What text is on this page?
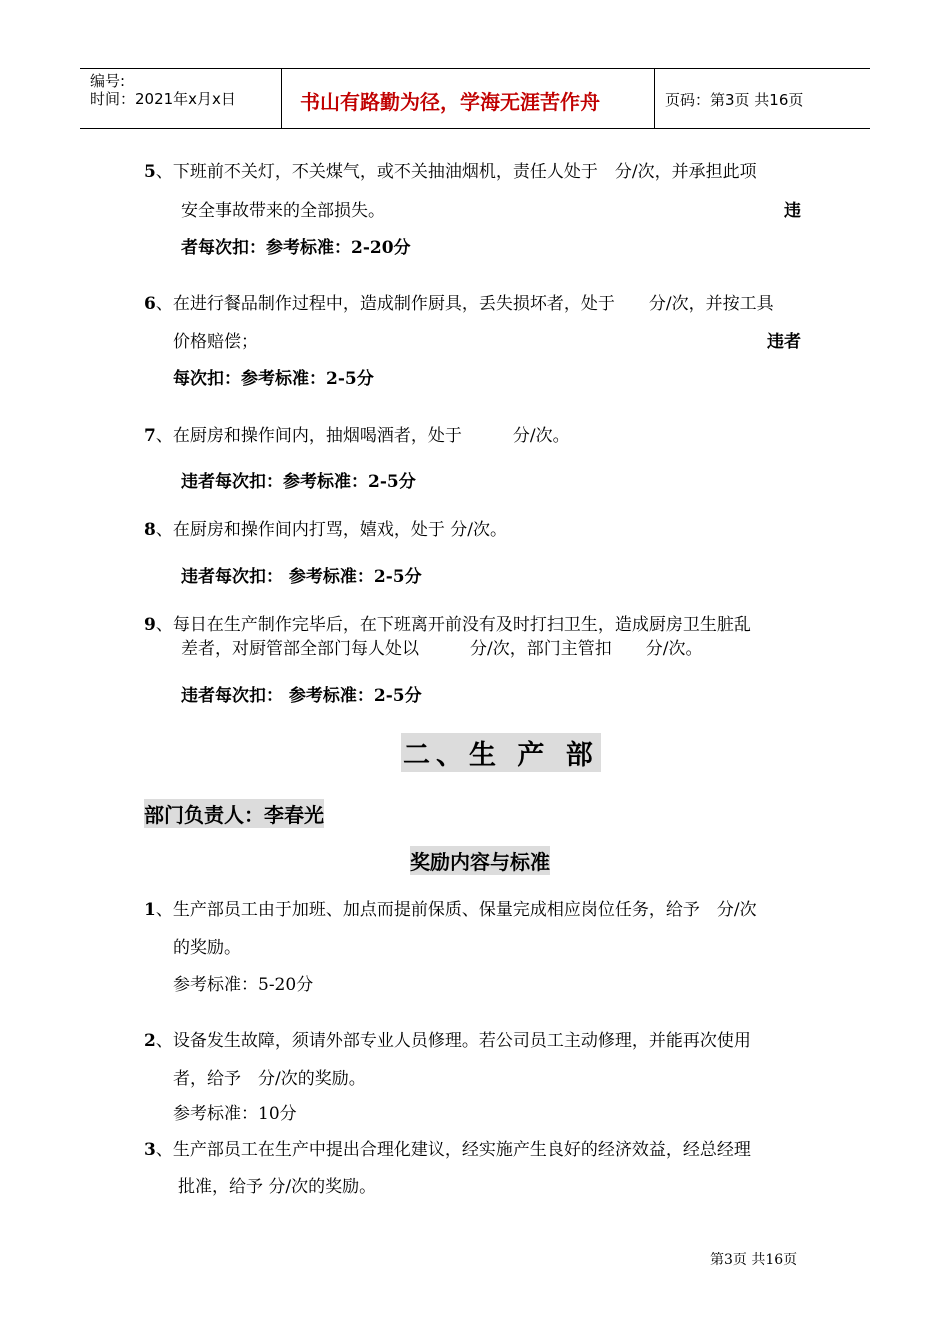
编号:
时间：2021年x月x日	书山有路勤为径，学海无涯苦作舟	页码：第3页 共16页
5、下班前不关灯，不关煤气，或不关抽油烟机，责任人处于　分/次，并承担此项
安全事故带来的全部损失。	违
者每次扣：参考标准：2-20分
6、在进行餐品制作过程中，造成制作厨具，丢失损坏者，处于　　分/次，并按工具
价格赔偿；	违者
每次扣：参考标准：2-5分
7、在厨房和操作间内，抽烟喝酒者，处于　　　分/次。
违者每次扣：参考标准：2-5分
8、在厨房和操作间内打骂，嬉戏，处于 分/次。
违者每次扣： 参考标准：2-5分
9、每日在生产制作完毕后，在下班离开前没有及时打扫卫生，造成厨房卫生脏乱
差者，对厨管部全部门每人处以　　　分/次，部门主管扣　　分/次。
违者每次扣： 参考标准：2-5分
二、生 产 部
部门负责人：李春光
奖励内容与标准
1、生产部员工由于加班、加点而提前保质、保量完成相应岗位任务，给予　分/次
的奖励。
参考标准：5-20分
2、设备发生故障，须请外部专业人员修理。若公司员工主动修理，并能再次使用
者，给予　分/次的奖励。
参考标准：10分
3、生产部员工在生产中提出合理化建议，经实施产生良好的经济效益，经总经理
批准，给予 分/次的奖励。
第3页 共16页
